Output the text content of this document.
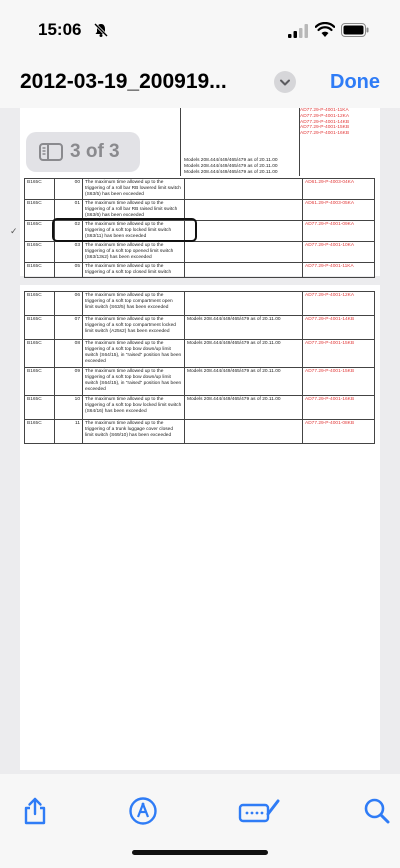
15:06
2012-03-19_200919...	Done
AD77.29-P-4001-11KA
AD77.29-P-4001-12KA
AD77.29-P-4001-14KB
AD77.29-P-4001-15KB
AD77.29-P-4001-16KB
Models 208.444/449/465/479 as of 20.11.00
Models 208.444/449/465/479 as of 20.11.00
Models 208.444/449/465/479 as of 20.11.00
B165C	00	The maximum time allowed up to the triggering of a roll bar RB lowered limit switch (S63/5) has been exceeded		AD61.29-P-4003-04KA
B165C	01	The maximum time allowed up to the triggering of a roll bar RB raised limit switch (S63/6) has been exceeded		AD61.29-P-4003-05KA
B165C	02	The maximum time allowed up to the triggering of a soft top locked limit switch (S63/11) has been exceeded		AD77.29-P-4001-09KA
B165C	03	The maximum time allowed up to the triggering of a soft top opened limit switch (S63/13s2) has been exceeded		AD77.29-P-4001-10KA
B165C	05	The maximum time allowed up to the triggering of a soft top closed limit switch		AD77.29-P-4001-11KA
3 of 3
✓
B165C	06	The maximum time allowed up to the triggering of a soft top compartment open limit switch (S63/5) has been exceeded		AD77.29-P-4001-12KA
B165C	07	The maximum time allowed up to the triggering of a soft top compartment locked limit switch (A25s2) has been exceeded	Models 208.444/449/465/479 as of 20.11.00	AD77.29-P-4001-14KB
B165C	08	The maximum time allowed up to the triggering of a soft top bow down/up limit switch (S64/15), in "raised" position has been exceeded	Models 208.444/449/465/479 as of 20.11.00	AD77.29-P-4001-15KB
B165C	09	The maximum time allowed up to the triggering of a soft top bow down/up limit switch (S64/15), in "raised" position has been exceeded	Models 208.444/449/465/479 as of 20.11.00	AD77.29-P-4001-15KB
B165C	10	The maximum time allowed up to the triggering of a soft top bow locked limit switch (S64/16) has been exceeded	Models 208.444/449/465/479 as of 20.11.00	AD77.29-P-4001-16KB
B165C	11	The maximum time allowed up to the triggering of a trunk luggage cover closed limit switch (S69/10) has been exceeded		AD77.29-P-4001-08KB
